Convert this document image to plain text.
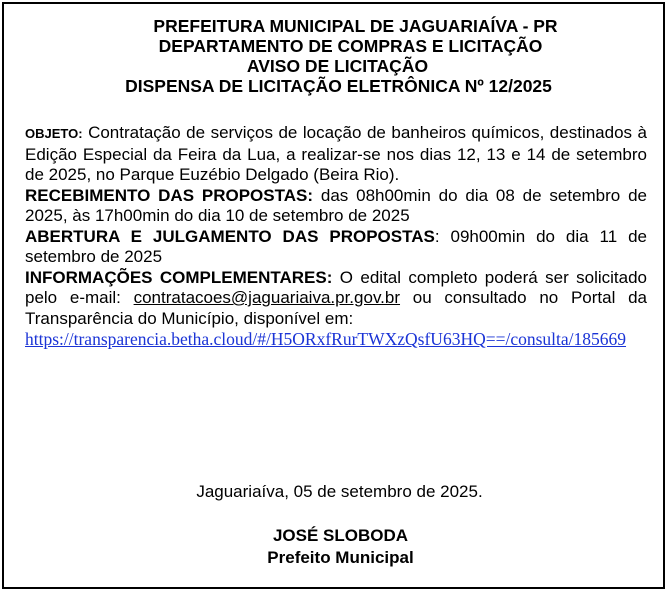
PREFEITURA MUNICIPAL DE JAGUARIAÍVA - PR
DEPARTAMENTO DE COMPRAS E LICITAÇÃO
AVISO DE LICITAÇÃO
DISPENSA DE LICITAÇÃO ELETRÔNICA Nº 12/2025

OBJETO: Contratação de serviços de locação de banheiros químicos, destinados à Edição Especial da Feira da Lua, a realizar-se nos dias 12, 13 e 14 de setembro de 2025, no Parque Euzébio Delgado (Beira Rio).

RECEBIMENTO DAS PROPOSTAS: das 08h00min do dia 08 de setembro de 2025, às 17h00min do dia 10 de setembro de 2025

ABERTURA E JULGAMENTO DAS PROPOSTAS: 09h00min do dia 11 de setembro de 2025

INFORMAÇÕES COMPLEMENTARES: O edital completo poderá ser solicitado pelo e-mail: contratacoes@jaguariaiva.pr.gov.br ou consultado no Portal da Transparência do Município, disponível em:
https://transparencia.betha.cloud/#/H5ORxfRurTWXzQsfU63HQ==/consulta/185669

Jaguariaíva, 05 de setembro de 2025.
JOSÉ SLOBODA
Prefeito Municipal
